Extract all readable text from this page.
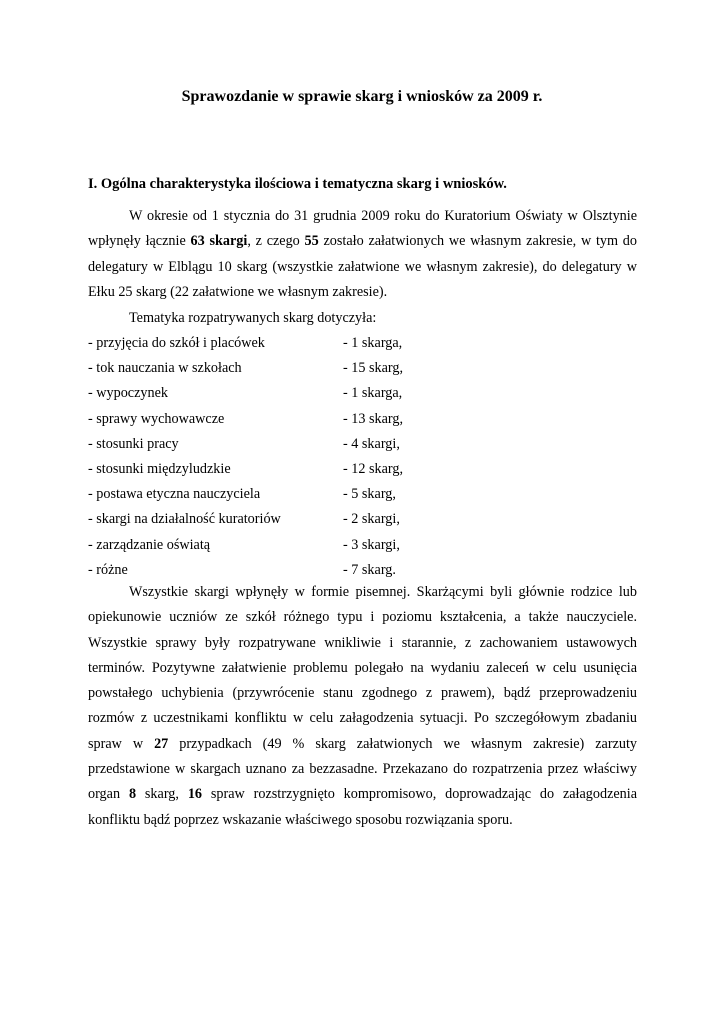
Sprawozdanie w sprawie skarg i wniosków za 2009 r.
I. Ogólna charakterystyka ilościowa i tematyczna skarg i wniosków.

W okresie od 1 stycznia do 31 grudnia 2009 roku do Kuratorium Oświaty w Olsztynie wpłynęły łącznie 63 skargi, z czego 55 zostało załatwionych we własnym zakresie, w tym do delegatury w Elblągu 10 skarg (wszystkie załatwione we własnym zakresie), do delegatury w Ełku 25 skarg (22 załatwione we własnym zakresie).

Tematyka rozpatrywanych skarg dotyczyła:
- przyjęcia do szkół i placówek	- 1 skarga,
- tok nauczania w szkołach	- 15 skarg,
- wypoczynek	- 1 skarga,
- sprawy wychowawcze	- 13 skarg,
- stosunki pracy	- 4 skargi,
- stosunki międzyludzkie	- 12 skarg,
- postawa etyczna nauczyciela	- 5 skarg,
- skargi na działalność kuratoriów	- 2 skargi,
- zarządzanie oświatą	- 3 skargi,
- różne	- 7 skarg.

Wszystkie skargi wpłynęły w formie pisemnej. Skarżącymi byli głównie rodzice lub opiekunowie uczniów ze szkół różnego typu i poziomu kształcenia, a także nauczyciele. Wszystkie sprawy były rozpatrywane wnikliwie i starannie, z zachowaniem ustawowych terminów. Pozytywne załatwienie problemu polegało na wydaniu zaleceń w celu usunięcia powstałego uchybienia (przywrócenie stanu zgodnego z prawem), bądź przeprowadzeniu rozmów z uczestnikami konfliktu w celu załagodzenia sytuacji. Po szczegółowym zbadaniu spraw w 27 przypadkach (49 % skarg załatwionych we własnym zakresie) zarzuty przedstawione w skargach uznano za bezzasadne. Przekazano do rozpatrzenia przez właściwy organ 8 skarg, 16 spraw rozstrzygnięto kompromisowo, doprowadzając do załagodzenia konfliktu bądź poprzez wskazanie właściwego sposobu rozwiązania sporu.
